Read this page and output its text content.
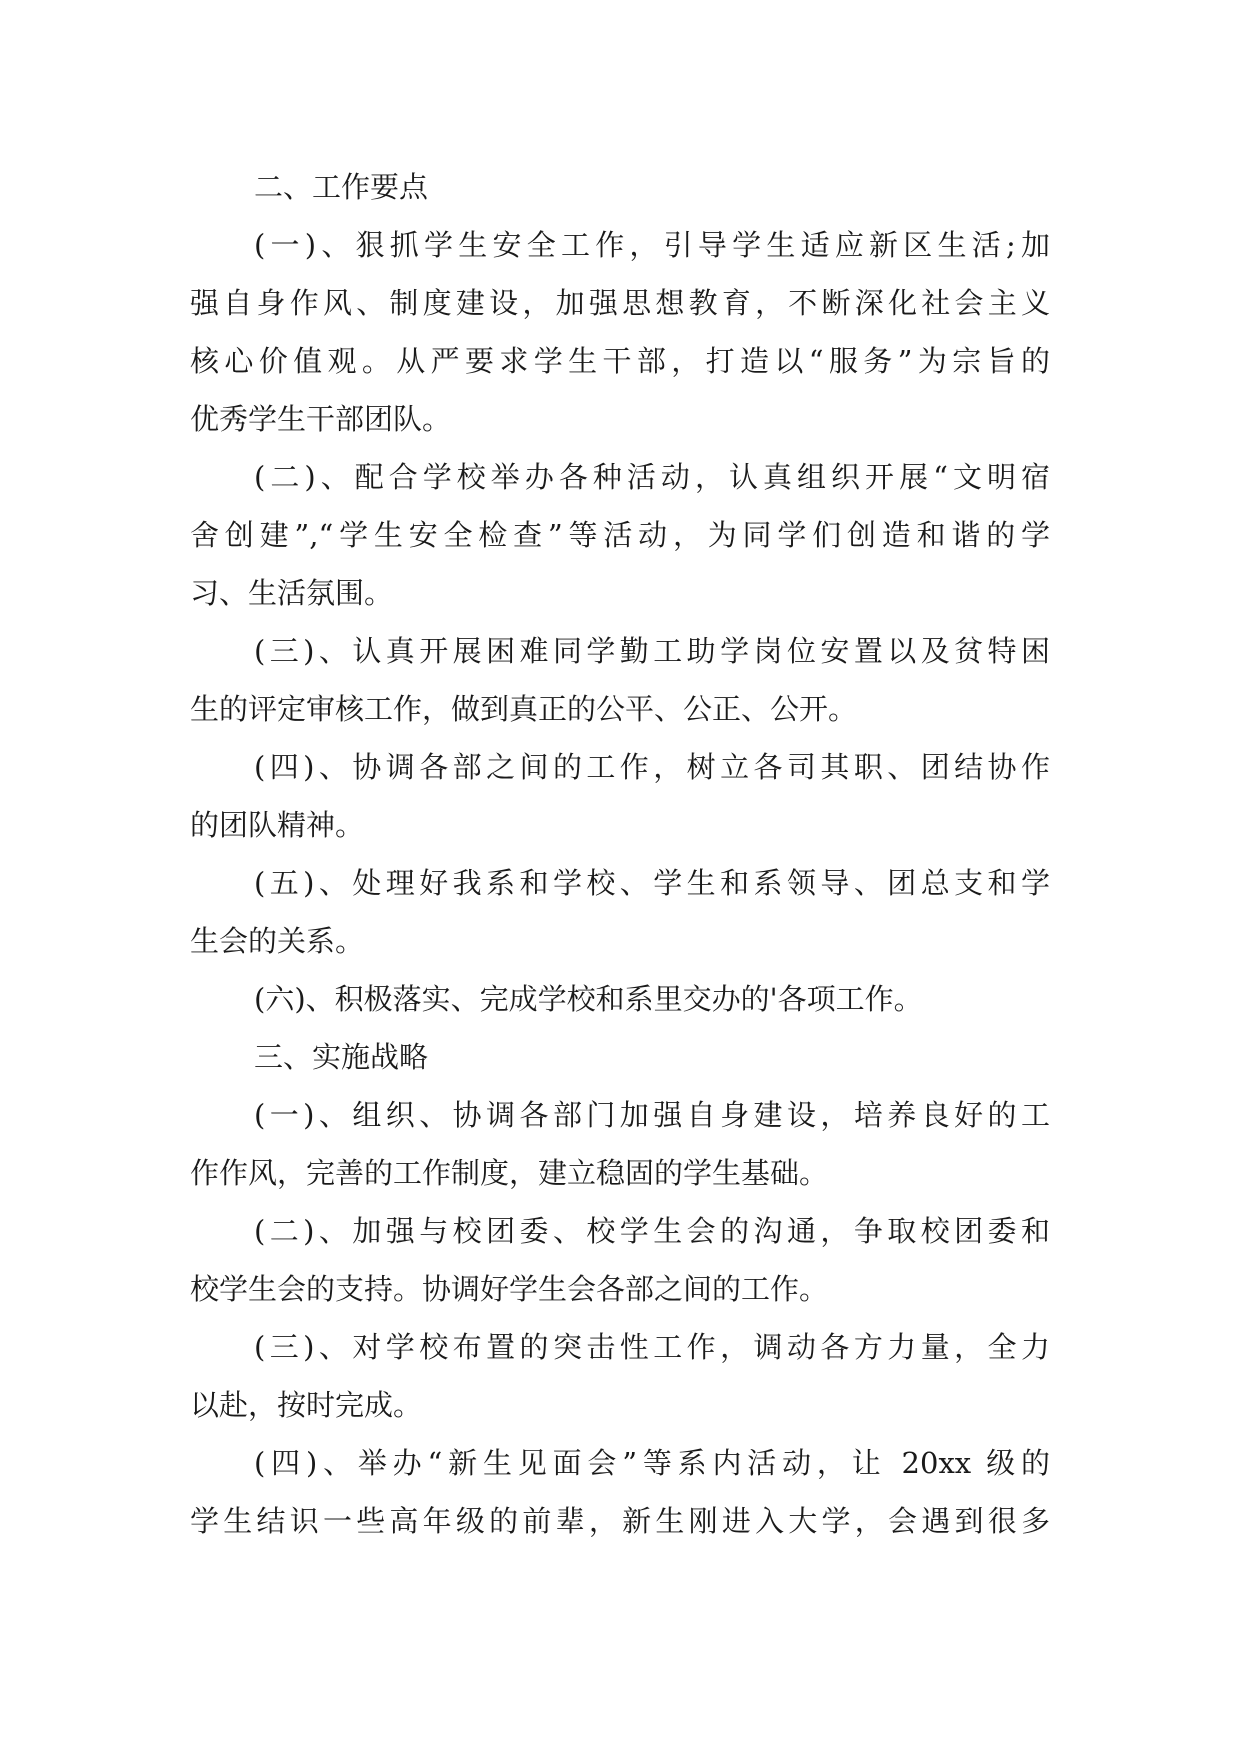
二、工作要点
(一)、狠抓学生安全工作，引导学生适应新区生活;加
强自身作风、制度建设，加强思想教育，不断深化社会主义
核心价值观。从严要求学生干部，打造以“服务”为宗旨的
优秀学生干部团队。
(二)、配合学校举办各种活动，认真组织开展“文明宿
舍创建”,“学生安全检查”等活动，为同学们创造和谐的学
习、生活氛围。
(三)、认真开展困难同学勤工助学岗位安置以及贫特困
生的评定审核工作，做到真正的公平、公正、公开。
(四)、协调各部之间的工作，树立各司其职、团结协作
的团队精神。
(五)、处理好我系和学校、学生和系领导、团总支和学
生会的关系。
(六)、积极落实、完成学校和系里交办的'各项工作。
三、实施战略
(一)、组织、协调各部门加强自身建设，培养良好的工
作作风，完善的工作制度，建立稳固的学生基础。
(二)、加强与校团委、校学生会的沟通，争取校团委和
校学生会的支持。协调好学生会各部之间的工作。
(三)、对学校布置的突击性工作，调动各方力量，全力
以赴，按时完成。
(四)、举办“新生见面会”等系内活动，让 20xx 级的
学生结识一些高年级的前辈，新生刚进入大学，会遇到很多
